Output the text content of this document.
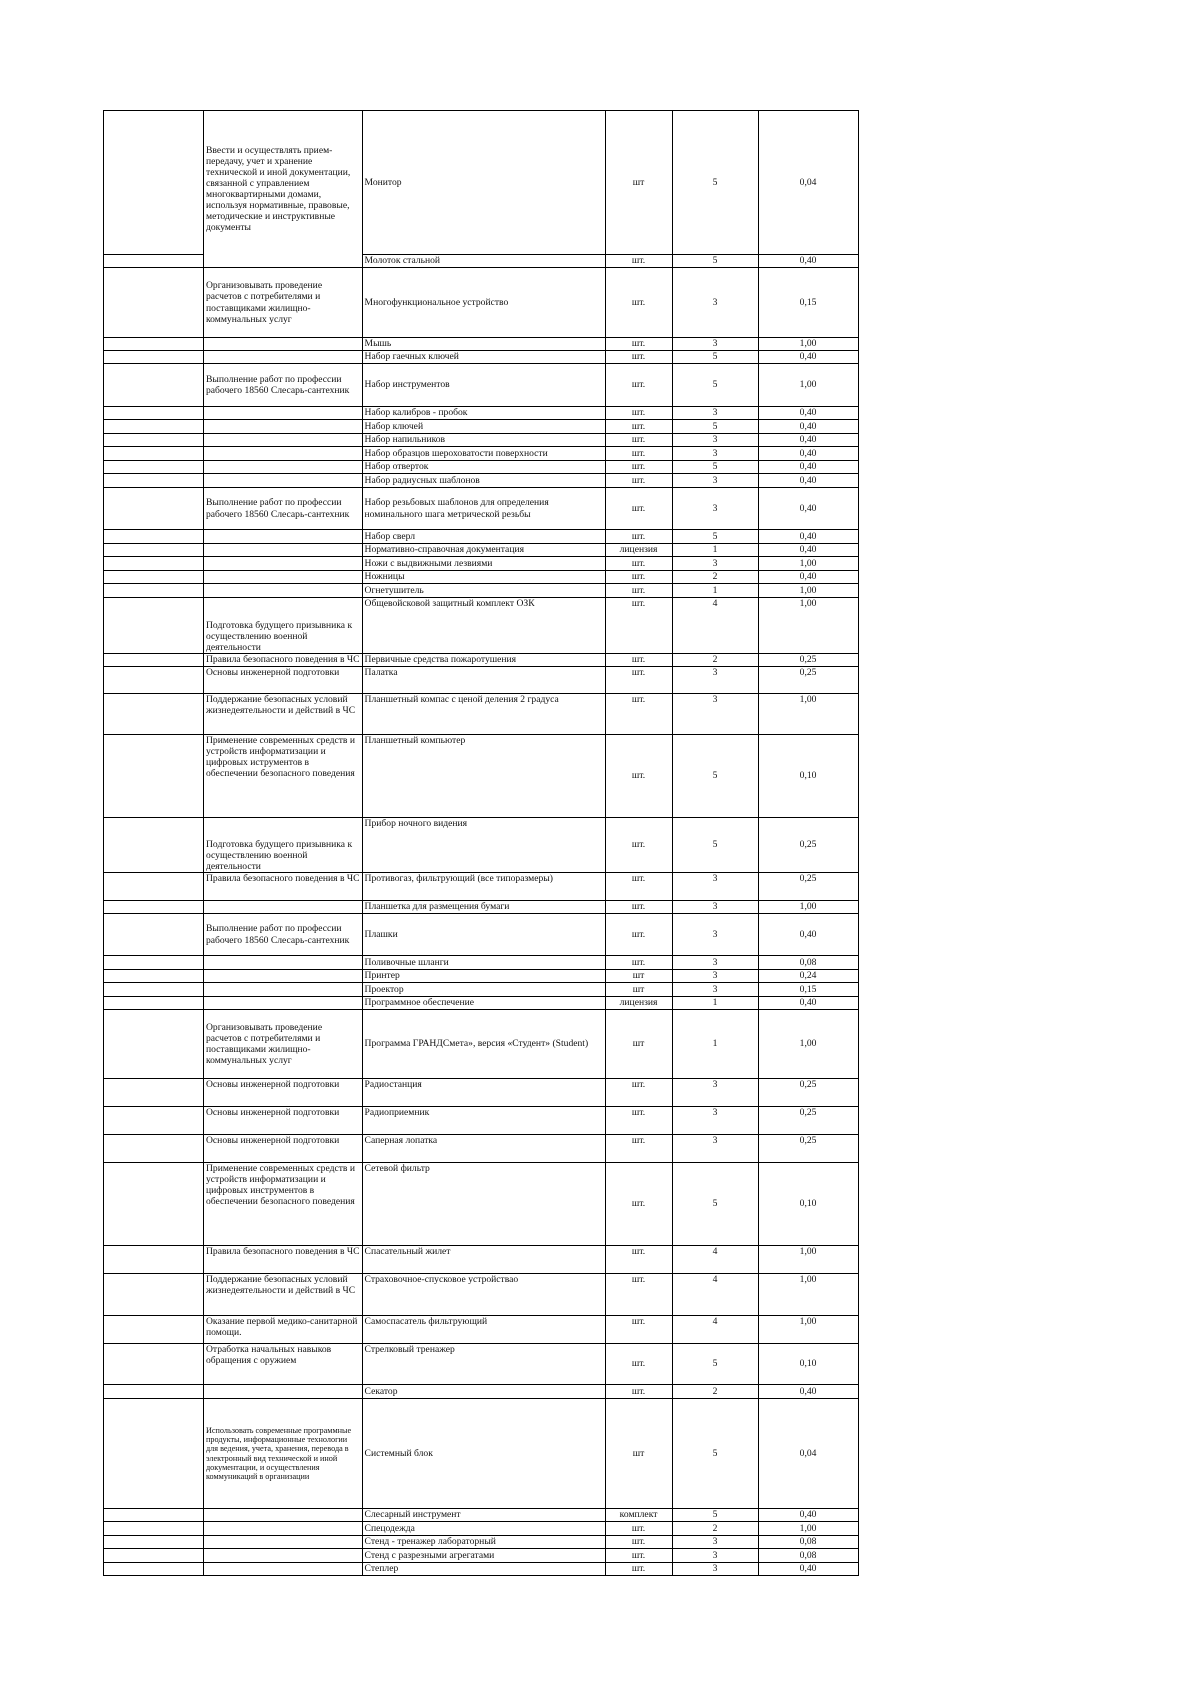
	Ввести и осуществлять прием-передачу, учет и хранение технической и иной документации, связанной с управлением многоквартирными домами, используя нормативные, правовые, методические и инструктивные документы	Монитор	шт	5	0,04
		Молоток стальной	шт.	5	0,40
	Организовывать проведение расчетов с потребителями и поставщиками жилищно-коммунальных услуг	Многофункциональное устройство	шт.	3	0,15
		Мышь	шт.	3	1,00
		Набор гаечных ключей	шт.	5	0,40
	Выполнение работ по профессии рабочего 18560 Слесарь-сантехник	Набор инструментов	шт.	5	1,00
		Набор калибров - пробок	шт.	3	0,40
		Набор ключей	шт.	5	0,40
		Набор напильников	шт.	3	0,40
		Набор образцов шероховатости поверхности	шт.	3	0,40
		Набор отверток	шт.	5	0,40
		Набор радиусных шаблонов	шт.	3	0,40
	Выполнение работ по профессии рабочего 18560 Слесарь-сантехник	Набор резьбовых шаблонов для определения номинального шага метрической резьбы	шт.	3	0,40
		Набор сверл	шт.	5	0,40
		Нормативно-справочная документация	лицензия	1	0,40
		Ножи с выдвижными лезвиями	шт.	3	1,00
		Ножницы	шт.	2	0,40
		Огнетушитель	шт.	1	1,00
	Подготовка будущего призывника к осуществлению военной деятельности	Общевойсковой защитный комплект ОЗК	шт.	4	1,00
	Правила безопасного поведения в ЧС	Первичные средства пожаротушения	шт.	2	0,25
	Основы инженерной подготовки	Палатка	шт.	3	0,25
	Поддержание безопасных условий жизнедеятельности и действий в ЧС	Планшетный компас с ценой деления 2 градуса	шт.	3	1,00
	Применение современных средств и устройств информатизации и цифровых иструментов в обеспечении безопасного поведения	Планшетный компьютер	шт.	5	0,10
	Подготовка будущего призывника к осуществлению военной деятельности	Прибор ночного видения	шт.	5	0,25
	Правила безопасного поведения в ЧС	Противогаз, фильтрующий (все типоразмеры)	шт.	3	0,25
		Планшетка для размещения бумаги	шт.	3	1,00
	Выполнение работ по профессии рабочего 18560 Слесарь-сантехник	Плашки	шт.	3	0,40
		Поливочные шланги	шт.	3	0,08
		Принтер	шт	3	0,24
		Проектор	шт	3	0,15
		Программное обеспечение	лицензия	1	0,40
	Организовывать проведение расчетов с потребителями и поставщиками жилищно-коммунальных услуг	Программа ГРАНДСмета», версия «Студент» (Student)	шт	1	1,00
	Основы инженерной подготовки	Радиостанция	шт.	3	0,25
	Основы инженерной подготовки	Радиоприемник	шт.	3	0,25
	Основы инженерной подготовки	Саперная лопатка	шт.	3	0,25
	Применение современных средств и устройств информатизации и цифровых инструментов в обеспечении безопасного поведения	Сетевой фильтр	шт.	5	0,10
	Правила безопасного поведения в ЧС	Спасательный жилет	шт.	4	1,00
	Поддержание безопасных условий жизнедеятельности и действий в ЧС	Страховочное-спусковое устройствао	шт.	4	1,00
	Оказание первой медико-санитарной помощи.	Самоспасатель фильтрующий	шт.	4	1,00
	Отработка начальных навыков обращения с оружием	Стрелковый тренажер	шт.	5	0,10
		Секатор	шт.	2	0,40
	Использовать современные программные продукты, информационные технологии для ведения, учета, хранения, перевода в электронный вид технической и иной документации, и осуществления коммуникаций в организации	Системный блок	шт	5	0,04
		Слесарный инструмент	комплект	5	0,40
		Спецодежда	шт.	2	1,00
		Стенд - тренажер лабораторный	шт.	3	0,08
		Стенд с разрезными агрегатами	шт.	3	0,08
		Степлер	шт.	3	0,40
